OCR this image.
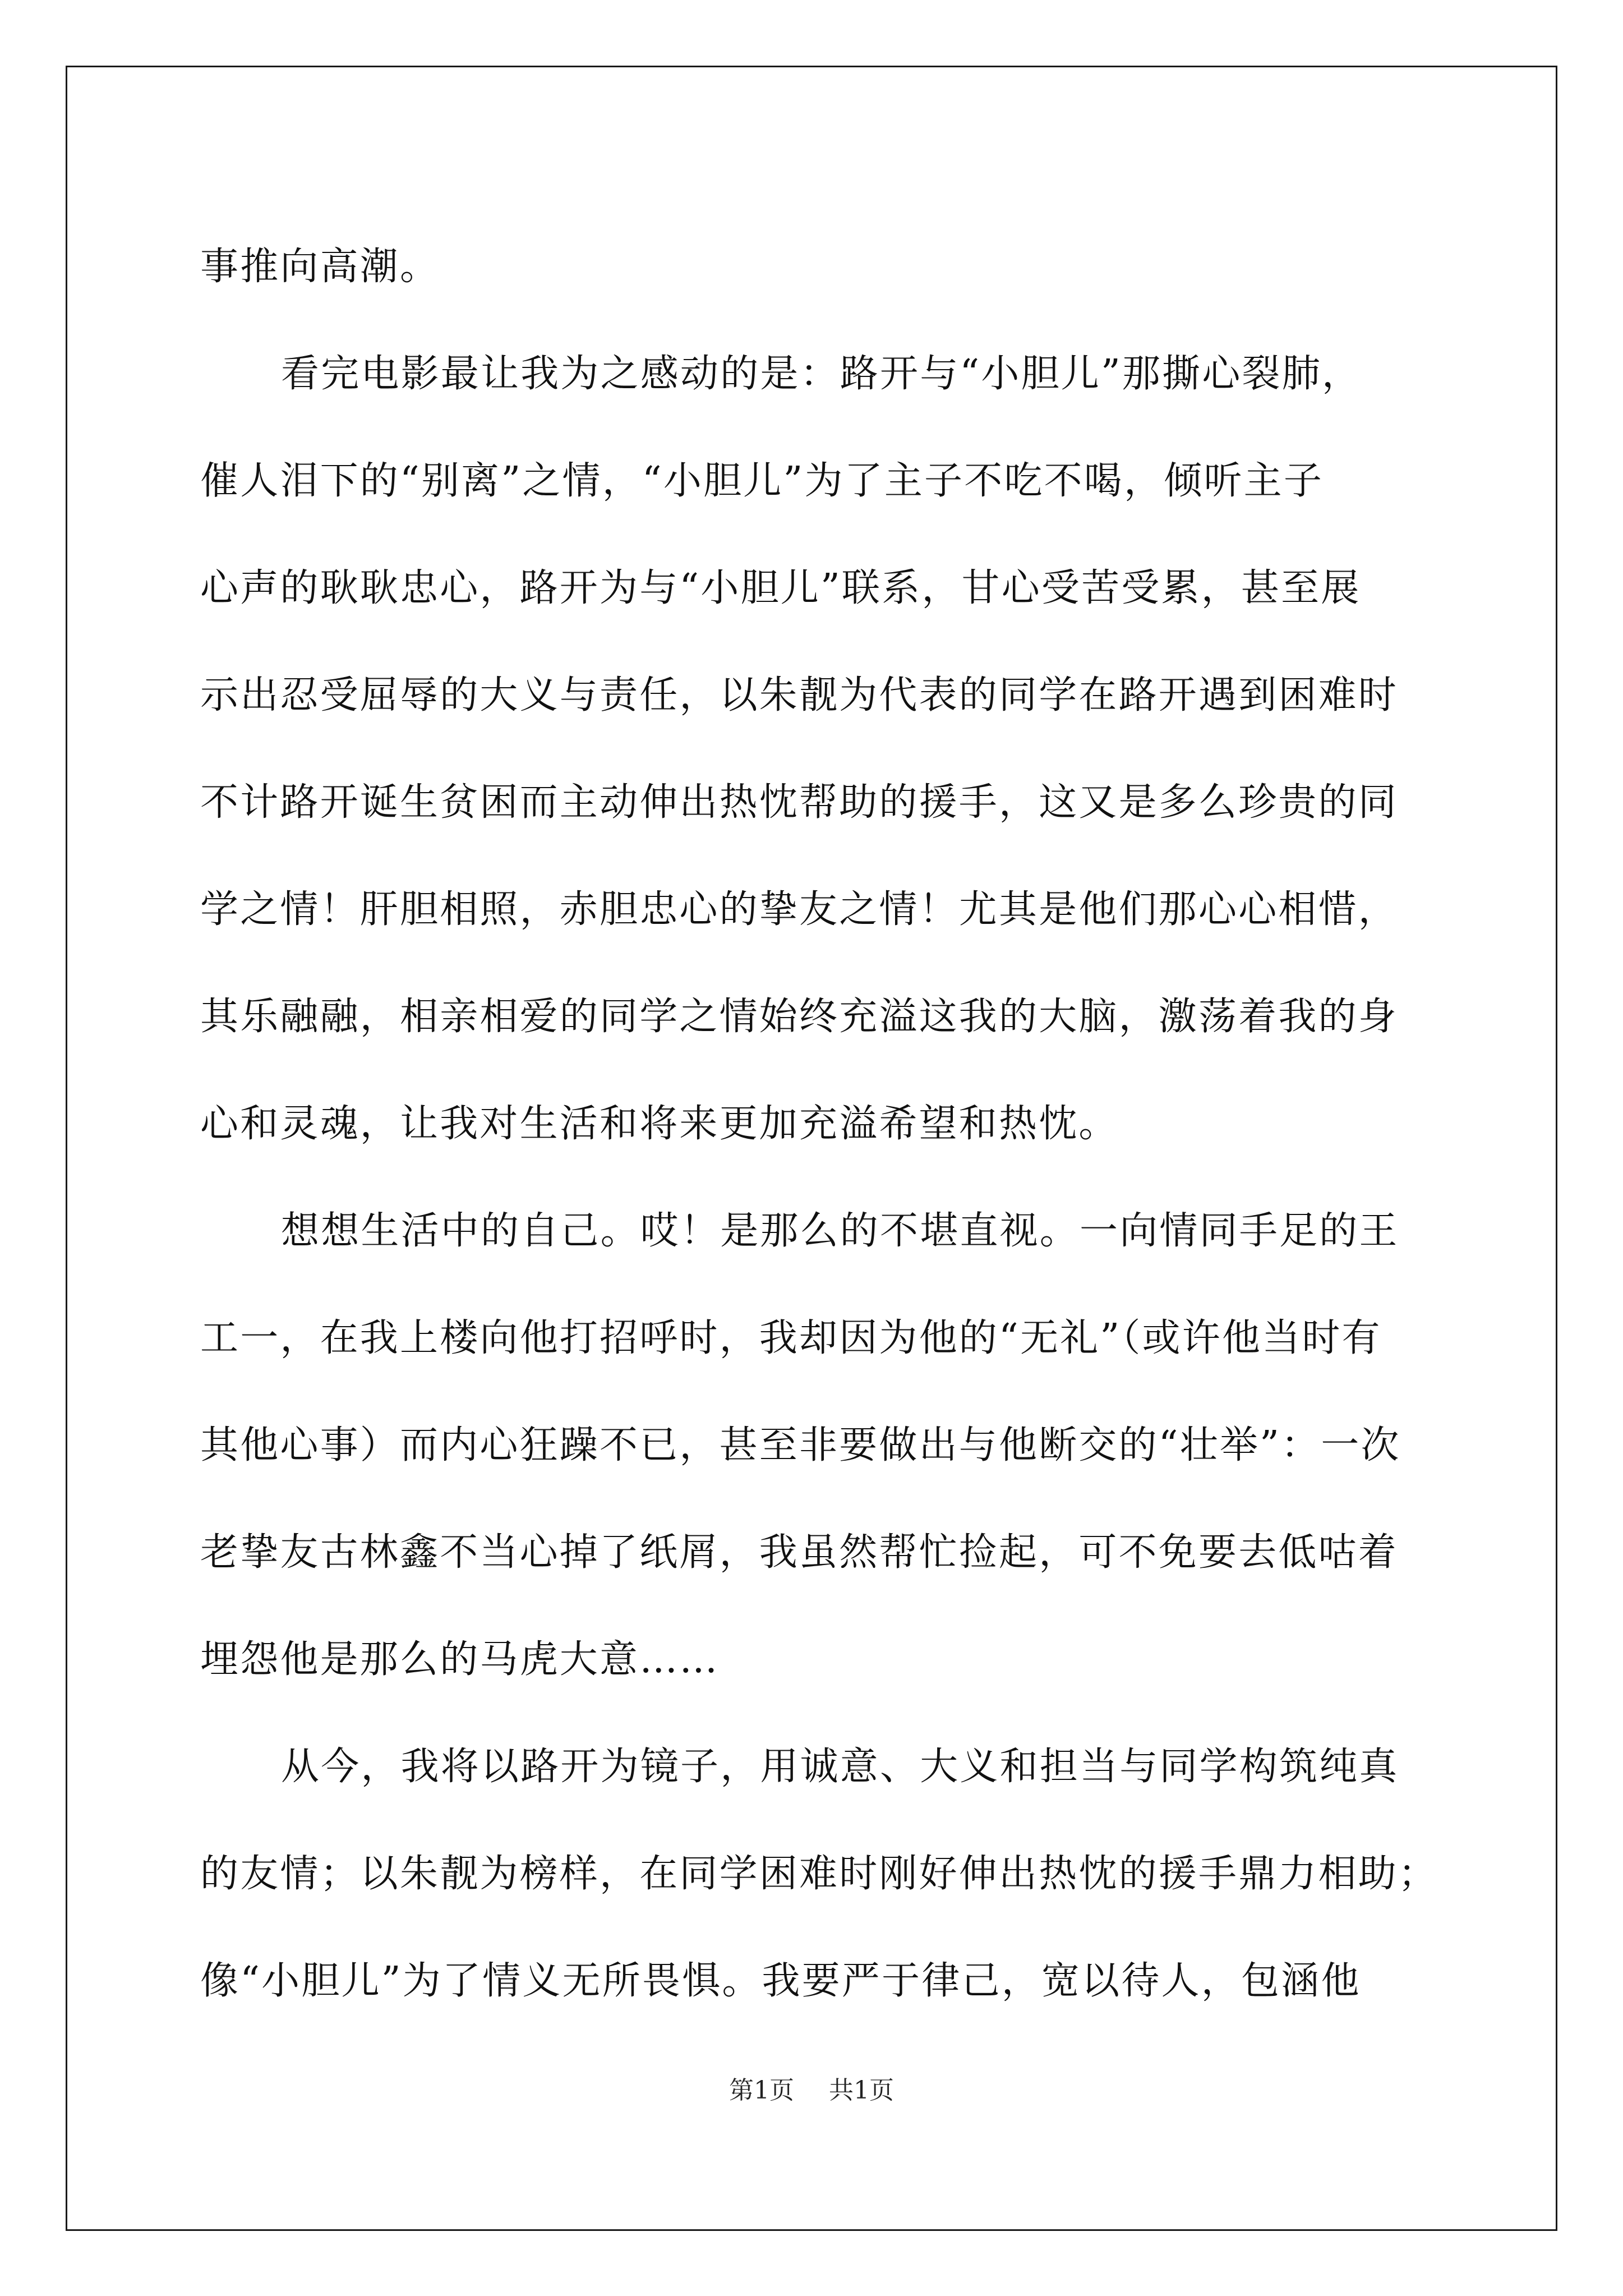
事推向高潮。
看完电影最让我为之感动的是：路开与“小胆儿”那撕心裂肺，
催人泪下的“别离”之情，“小胆儿”为了主子不吃不喝，倾听主子
心声的耿耿忠心，路开为与“小胆儿”联系，甘心受苦受累，甚至展
示出忍受屈辱的大义与责任，以朱靓为代表的同学在路开遇到困难时
不计路开诞生贫困而主动伸出热忱帮助的援手，这又是多么珍贵的同
学之情！肝胆相照，赤胆忠心的挚友之情！尤其是他们那心心相惜，
其乐融融，相亲相爱的同学之情始终充溢这我的大脑，激荡着我的身
心和灵魂，让我对生活和将来更加充溢希望和热忱。
想想生活中的自己。哎！是那么的不堪直视。一向情同手足的王
工一，在我上楼向他打招呼时，我却因为他的“无礼”（或许他当时有
其他心事）而内心狂躁不已，甚至非要做出与他断交的“壮举”：一次
老挚友古林鑫不当心掉了纸屑，我虽然帮忙捡起，可不免要去低咕着
埋怨他是那么的马虎大意……
从今，我将以路开为镜子，用诚意、大义和担当与同学构筑纯真
的友情；以朱靓为榜样，在同学困难时刚好伸出热忱的援手鼎力相助；
像“小胆儿”为了情义无所畏惧。我要严于律己，宽以待人，包涵他
第1页 共1页
